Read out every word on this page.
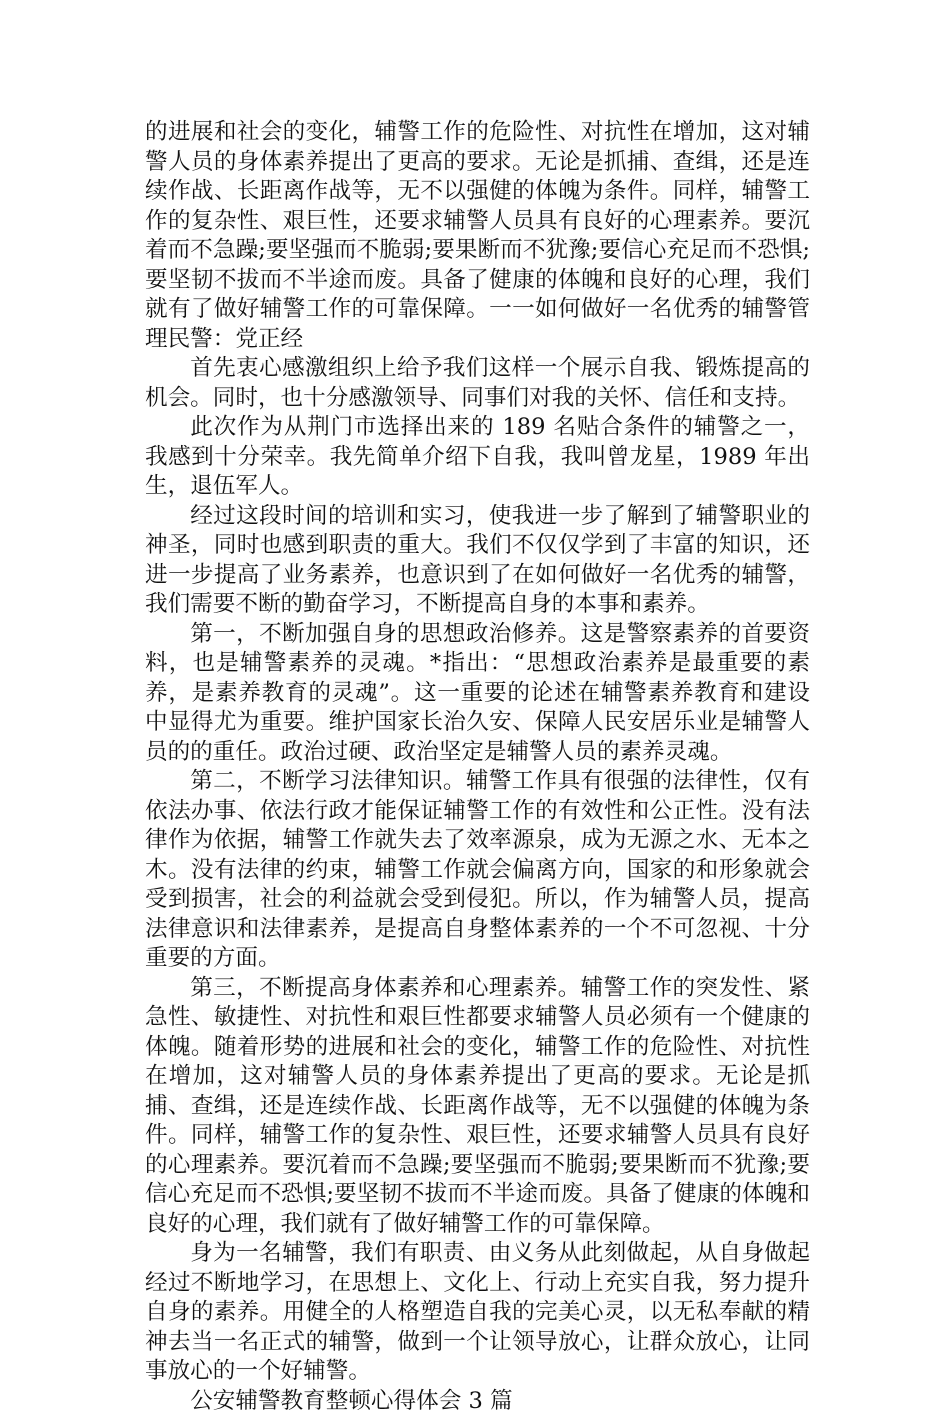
的进展和社会的变化，辅警工作的危险性、对抗性在增加，这对辅警人员的身体素养提出了更高的要求。无论是抓捕、查缉，还是连续作战、长距离作战等，无不以强健的体魄为条件。同样，辅警工作的复杂性、艰巨性，还要求辅警人员具有良好的心理素养。要沉着而不急躁;要坚强而不脆弱;要果断而不犹豫;要信心充足而不恐惧;要坚韧不拔而不半途而废。具备了健康的体魄和良好的心理，我们就有了做好辅警工作的可靠保障。一一如何做好一名优秀的辅警管理民警：党正经

首先衷心感激组织上给予我们这样一个展示自我、锻炼提高的机会。同时，也十分感激领导、同事们对我的关怀、信任和支持。

此次作为从荆门市选择出来的 189 名贴合条件的辅警之一，我感到十分荣幸。我先简单介绍下自我，我叫曾龙星，1989 年出生，退伍军人。

经过这段时间的培训和实习，使我进一步了解到了辅警职业的神圣，同时也感到职责的重大。我们不仅仅学到了丰富的知识，还进一步提高了业务素养，也意识到了在如何做好一名优秀的辅警，我们需要不断的勤奋学习，不断提高自身的本事和素养。

第一，不断加强自身的思想政治修养。这是警察素养的首要资料，也是辅警素养的灵魂。*指出：“思想政治素养是最重要的素养，是素养教育的灵魂”。这一重要的论述在辅警素养教育和建设中显得尤为重要。维护国家长治久安、保障人民安居乐业是辅警人员的的重任。政治过硬、政治坚定是辅警人员的素养灵魂。

第二，不断学习法律知识。辅警工作具有很强的法律性，仅有依法办事、依法行政才能保证辅警工作的有效性和公正性。没有法律作为依据，辅警工作就失去了效率源泉，成为无源之水、无本之木。没有法律的约束，辅警工作就会偏离方向，国家的和形象就会受到损害，社会的利益就会受到侵犯。所以，作为辅警人员，提高法律意识和法律素养，是提高自身整体素养的一个不可忽视、十分重要的方面。

第三，不断提高身体素养和心理素养。辅警工作的突发性、紧急性、敏捷性、对抗性和艰巨性都要求辅警人员必须有一个健康的体魄。随着形势的进展和社会的变化，辅警工作的危险性、对抗性在增加，这对辅警人员的身体素养提出了更高的要求。无论是抓捕、查缉，还是连续作战、长距离作战等，无不以强健的体魄为条件。同样，辅警工作的复杂性、艰巨性，还要求辅警人员具有良好的心理素养。要沉着而不急躁;要坚强而不脆弱;要果断而不犹豫;要信心充足而不恐惧;要坚韧不拔而不半途而废。具备了健康的体魄和良好的心理，我们就有了做好辅警工作的可靠保障。

身为一名辅警，我们有职责、由义务从此刻做起，从自身做起经过不断地学习，在思想上、文化上、行动上充实自我，努力提升自身的素养。用健全的人格塑造自我的完美心灵，以无私奉献的精神去当一名正式的辅警，做到一个让领导放心，让群众放心，让同事放心的一个好辅警。

公安辅警教育整顿心得体会 3 篇
